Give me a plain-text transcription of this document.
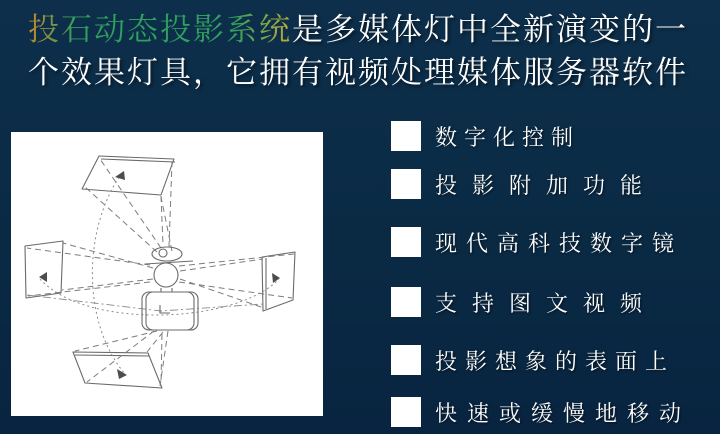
投石动态投影系统是多媒体灯中全新演变的一
个效果灯具，它拥有视频处理媒体服务器软件
数字化控制
投影附加功能
现代高科技数字镜
支持图文视频
投影想象的表面上
快速或缓慢地移动
